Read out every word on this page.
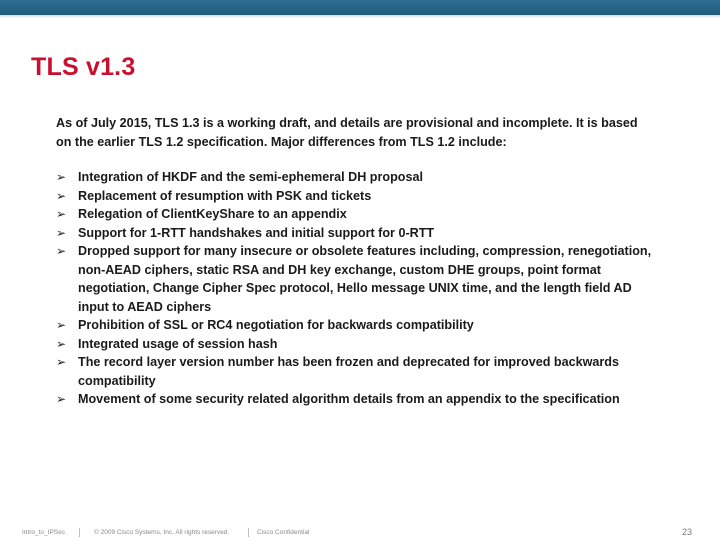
TLS v1.3

As of July 2015, TLS 1.3 is a working draft, and details are provisional and incomplete. It is based on the earlier TLS 1.2 specification. Major differences from TLS 1.2 include:

➢ Integration of HKDF and the semi-ephemeral DH proposal
➢ Replacement of resumption with PSK and tickets
➢ Relegation of ClientKeyShare to an appendix
➢ Support for 1-RTT handshakes and initial support for 0-RTT
➢ Dropped support for many insecure or obsolete features including, compression, renegotiation, non-AEAD ciphers, static RSA and DH key exchange, custom DHE groups, point format negotiation, Change Cipher Spec protocol, Hello message UNIX time, and the length field AD input to AEAD ciphers
➢ Prohibition of SSL or RC4 negotiation for backwards compatibility
➢ Integrated usage of session hash
➢ The record layer version number has been frozen and deprecated for improved backwards compatibility
➢ Movement of some security related algorithm details from an appendix to the specification
Intro_to_IPSec	© 2009 Cisco Systems, Inc. All rights reserved.	Cisco Confidential	23
